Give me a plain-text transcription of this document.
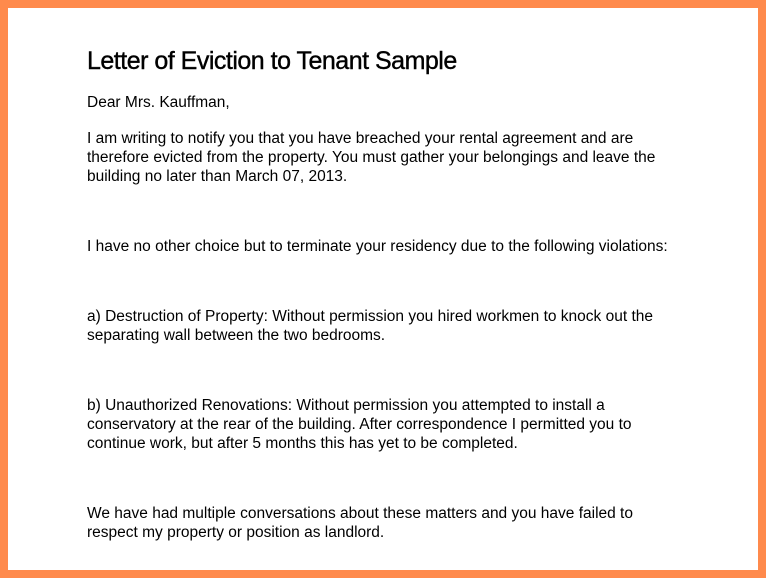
Letter of Eviction to Tenant Sample

Dear Mrs. Kauffman,

I am writing to notify you that you have breached your rental agreement and are therefore evicted from the property. You must gather your belongings and leave the building no later than March 07, 2013.

I have no other choice but to terminate your residency due to the following violations:

a) Destruction of Property: Without permission you hired workmen to knock out the separating wall between the two bedrooms.

b) Unauthorized Renovations: Without permission you attempted to install a conservatory at the rear of the building. After correspondence I permitted you to continue work, but after 5 months this has yet to be completed.

We have had multiple conversations about these matters and you have failed to respect my property or position as landlord.
